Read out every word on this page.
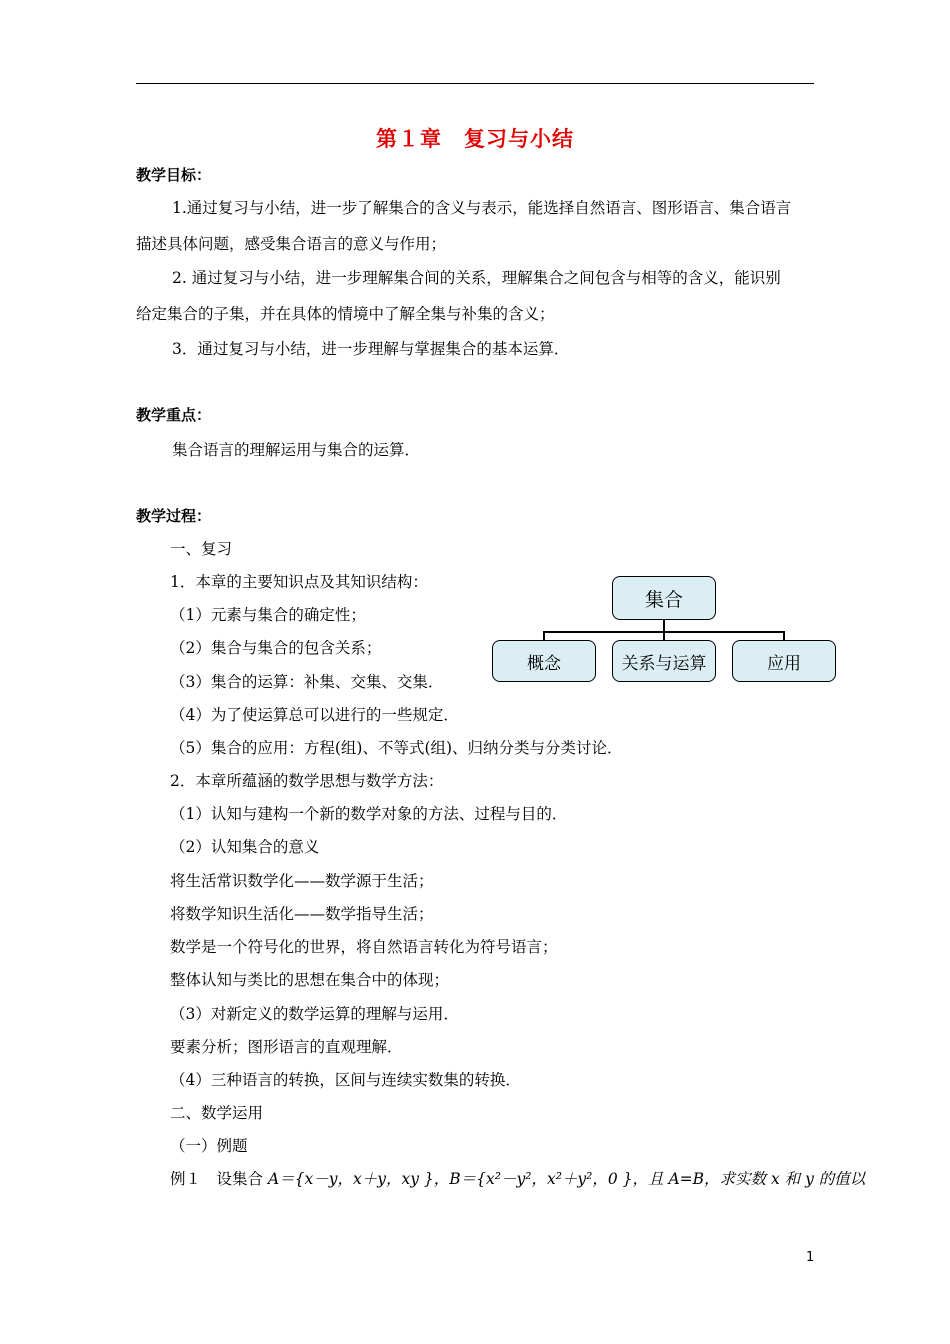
第１章　复习与小结
教学目标：
1.通过复习与小结，进一步了解集合的含义与表示，能选择自然语言、图形语言、集合语言
描述具体问题，感受集合语言的意义与作用；
2. 通过复习与小结，进一步理解集合间的关系，理解集合之间包含与相等的含义，能识别
给定集合的子集，并在具体的情境中了解全集与补集的含义；
3．通过复习与小结，进一步理解与掌握集合的基本运算．
教学重点：
集合语言的理解运用与集合的运算．
教学过程：
一、复习
1．本章的主要知识点及其知识结构：
（1）元素与集合的确定性；
（2）集合与集合的包含关系；
（3）集合的运算：补集、交集、交集．
（4）为了使运算总可以进行的一些规定．
（5）集合的应用：方程(组)、不等式(组)、归纳分类与分类讨论．
2．本章所蕴涵的数学思想与数学方法：
（1）认知与建构一个新的数学对象的方法、过程与目的．
（2）认知集合的意义
将生活常识数学化——数学源于生活；
将数学知识生活化——数学指导生活；
数学是一个符号化的世界，将自然语言转化为符号语言；
整体认知与类比的思想在集合中的体现；
（3）对新定义的数学运算的理解与运用．
要素分析；图形语言的直观理解．
（4）三种语言的转换，区间与连续实数集的转换．
二、数学运用
（一）例题
例１　设集合 A＝{x－y，x＋y，xy }，B＝{x²－y²，x²＋y²，0 }，且 A=B，求实数 x 和 y 的值以
集合
概念	关系与运算	应用
1
